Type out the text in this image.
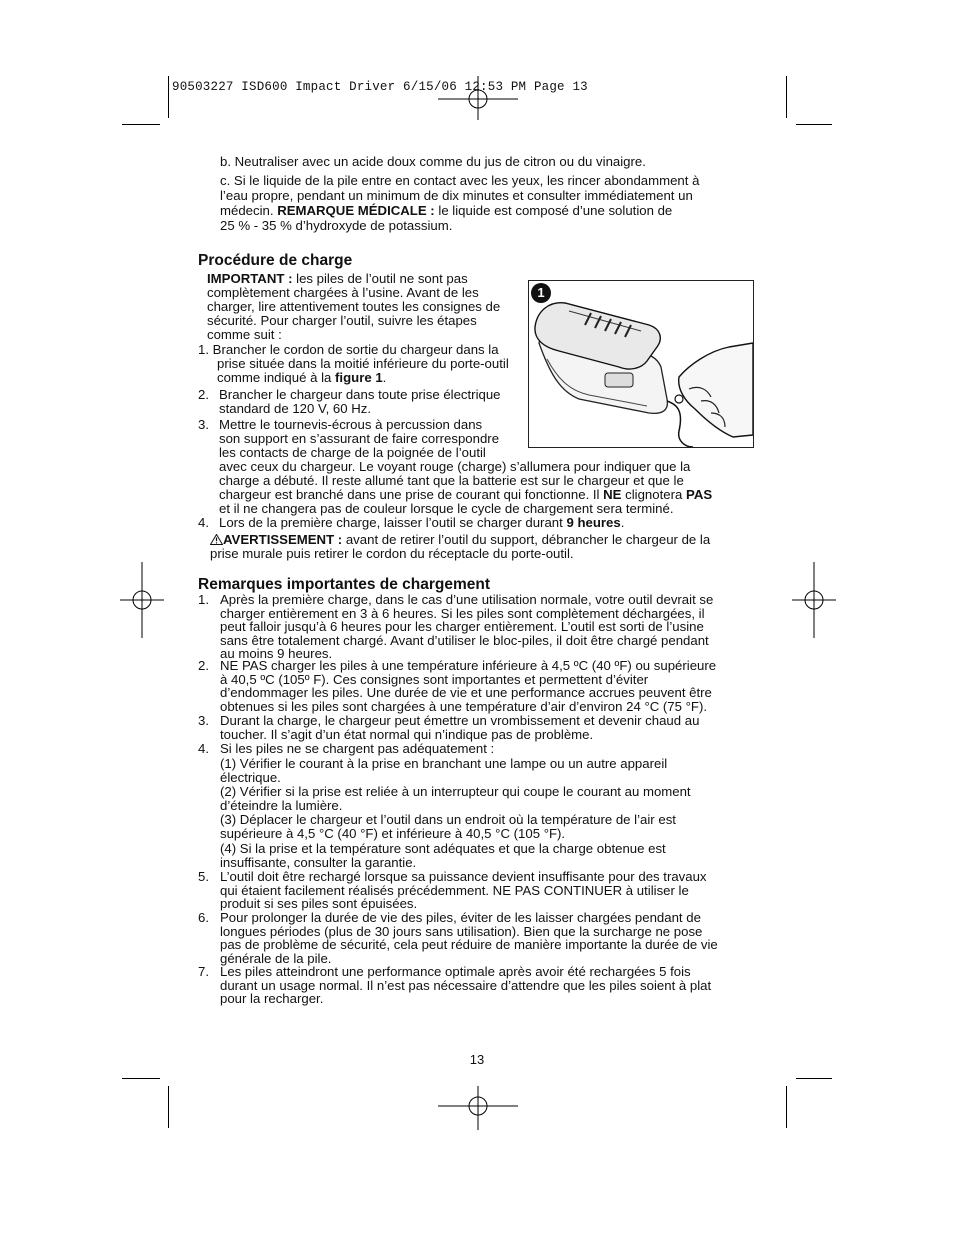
90503227 ISD600 Impact Driver 6/15/06 12:53 PM Page 13
b. Neutraliser avec un acide doux comme du jus de citron ou du vinaigre.
c. Si le liquide de la pile entre en contact avec les yeux, les rincer abondamment à
l’eau propre, pendant un minimum de dix minutes et consulter immédiatement un
médecin. REMARQUE MÉDICALE : le liquide est composé d’une solution de
25 % - 35 % d’hydroxyde de potassium.
Procédure de charge
IMPORTANT : les piles de l’outil ne sont pas
complètement chargées à l’usine. Avant de les
charger, lire attentivement toutes les consignes de
sécurité. Pour charger l’outil, suivre les étapes
comme suit :
1. Brancher le cordon de sortie du chargeur dans la
prise située dans la moitié inférieure du porte-outil
comme indiqué à la figure 1.
2. Brancher le chargeur dans toute prise électrique
standard de 120 V, 60 Hz.
3. Mettre le tournevis-écrous à percussion dans
son support en s’assurant de faire correspondre
les contacts de charge de la poignée de l’outil
avec ceux du chargeur. Le voyant rouge (charge) s’allumera pour indiquer que la
charge a débuté. Il reste allumé tant que la batterie est sur le chargeur et que le
chargeur est branché dans une prise de courant qui fonctionne. Il NE clignotera PAS
et il ne changera pas de couleur lorsque le cycle de chargement sera terminé.
4. Lors de la première charge, laisser l’outil se charger durant 9 heures.
AVERTISSEMENT : avant de retirer l’outil du support, débrancher le chargeur de la
prise murale puis retirer le cordon du réceptacle du porte-outil.
1
Remarques importantes de chargement
1. Après la première charge, dans le cas d’une utilisation normale, votre outil devrait se
charger entièrement en 3 à 6 heures. Si les piles sont complètement déchargées, il
peut falloir jusqu’à 6 heures pour les charger entièrement. L’outil est sorti de l’usine
sans être totalement chargé. Avant d’utiliser le bloc-piles, il doit être chargé pendant
au moins 9 heures.
2. NE PAS charger les piles à une température inférieure à 4,5 ºC (40 ºF) ou supérieure
à 40,5 ºC (105º F). Ces consignes sont importantes et permettent d’éviter
d’endommager les piles. Une durée de vie et une performance accrues peuvent être
obtenues si les piles sont chargées à une température d’air d’environ 24 °C (75 °F).
3. Durant la charge, le chargeur peut émettre un vrombissement et devenir chaud au
toucher. Il s’agit d’un état normal qui n’indique pas de problème.
4. Si les piles ne se chargent pas adéquatement :
(1) Vérifier le courant à la prise en branchant une lampe ou un autre appareil
électrique.
(2) Vérifier si la prise est reliée à un interrupteur qui coupe le courant au moment
d’éteindre la lumière.
(3) Déplacer le chargeur et l’outil dans un endroit où la température de l’air est
supérieure à 4,5 °C (40 °F) et inférieure à 40,5 °C (105 °F).
(4) Si la prise et la température sont adéquates et que la charge obtenue est
insuffisante, consulter la garantie.
5. L’outil doit être rechargé lorsque sa puissance devient insuffisante pour des travaux
qui étaient facilement réalisés précédemment. NE PAS CONTINUER à utiliser le
produit si ses piles sont épuisées.
6. Pour prolonger la durée de vie des piles, éviter de les laisser chargées pendant de
longues périodes (plus de 30 jours sans utilisation). Bien que la surcharge ne pose
pas de problème de sécurité, cela peut réduire de manière importante la durée de vie
générale de la pile.
7. Les piles atteindront une performance optimale après avoir été rechargées 5 fois
durant un usage normal. Il n’est pas nécessaire d’attendre que les piles soient à plat
pour la recharger.
13
